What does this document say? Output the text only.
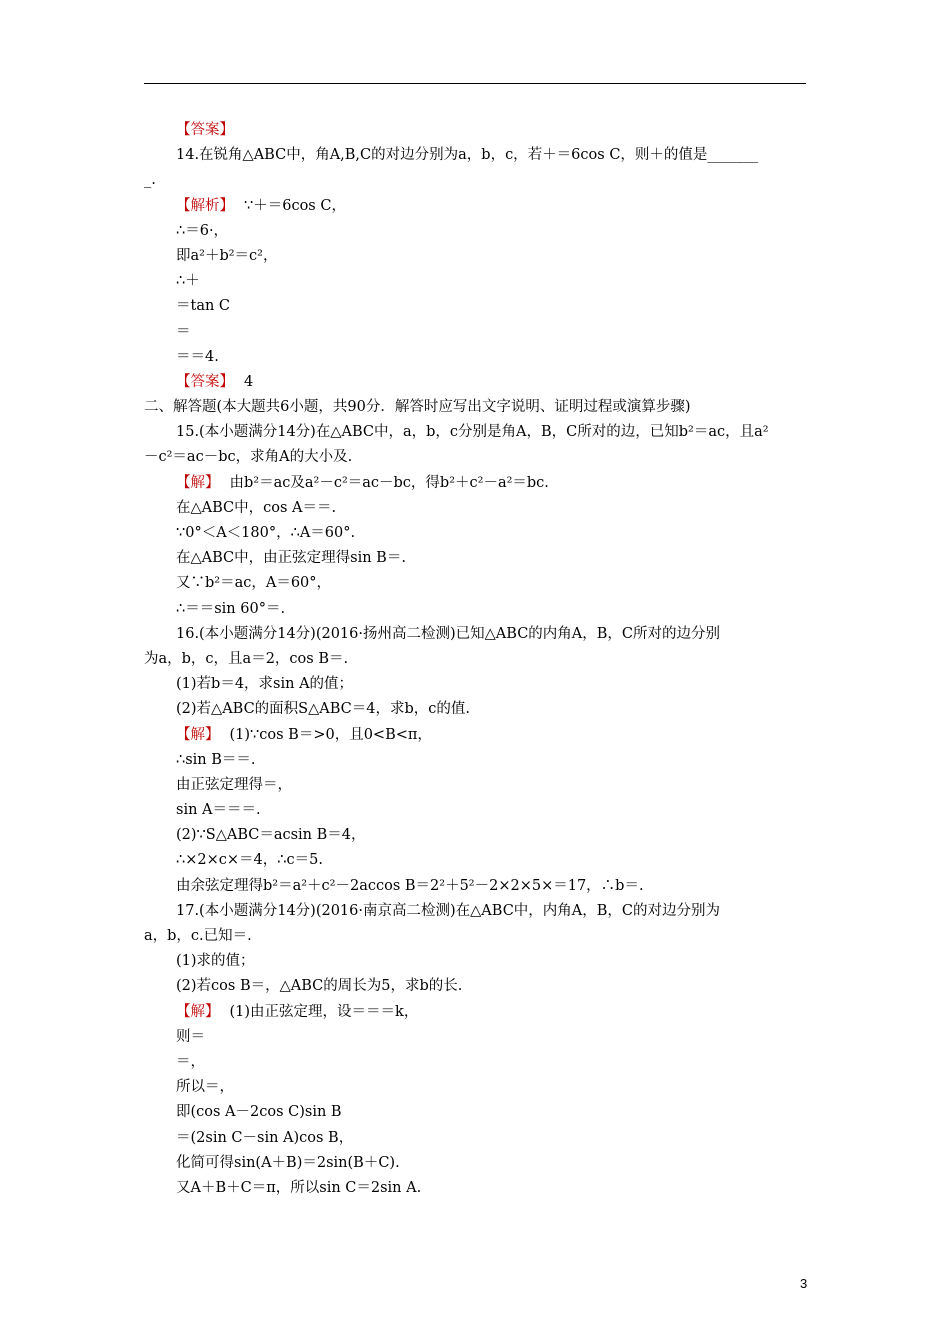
【答案】
14.在锐角△ABC中，角A,B,C的对边分别为a，b，c，若＋＝6cos C，则＋的值是_______
_.
【解析】 ∵＋＝6cos C，
∴＝6·，
即a²＋b²＝c²，
∴＋
＝tan C
＝
＝＝4.
【答案】 4
二、解答题(本大题共6小题，共90分．解答时应写出文字说明、证明过程或演算步骤)
15.(本小题满分14分)在△ABC中，a，b，c分别是角A，B，C所对的边，已知b²＝ac，且a²
－c²＝ac－bc，求角A的大小及.
【解】 由b²＝ac及a²－c²＝ac－bc，得b²＋c²－a²＝bc.
在△ABC中，cos A＝＝.
∵0°＜A＜180°，∴A＝60°.
在△ABC中，由正弦定理得sin B＝.
又∵b²＝ac，A＝60°，
∴＝＝sin 60°＝.
16.(本小题满分14分)(2016·扬州高二检测)已知△ABC的内角A，B，C所对的边分别
为a，b，c，且a＝2，cos B＝.
(1)若b＝4，求sin A的值；
(2)若△ABC的面积S△ABC＝4，求b，c的值.
【解】 (1)∵cos B＝>0，且0<B<π，
∴sin B＝＝.
由正弦定理得＝，
sin A＝＝＝.
(2)∵S△ABC＝acsin B＝4，
∴×2×c×＝4，∴c＝5.
由余弦定理得b²＝a²＋c²－2accos B＝2²＋5²－2×2×5×＝17，∴b＝.
17.(本小题满分14分)(2016·南京高二检测)在△ABC中，内角A，B，C的对边分别为
a，b，c.已知＝.
(1)求的值；
(2)若cos B＝，△ABC的周长为5，求b的长.
【解】 (1)由正弦定理，设＝＝＝k，
则＝
＝，
所以＝，
即(cos A－2cos C)sin B
＝(2sin C－sin A)cos B，
化简可得sin(A＋B)＝2sin(B＋C).
又A＋B＋C＝π，所以sin C＝2sin A.
3
